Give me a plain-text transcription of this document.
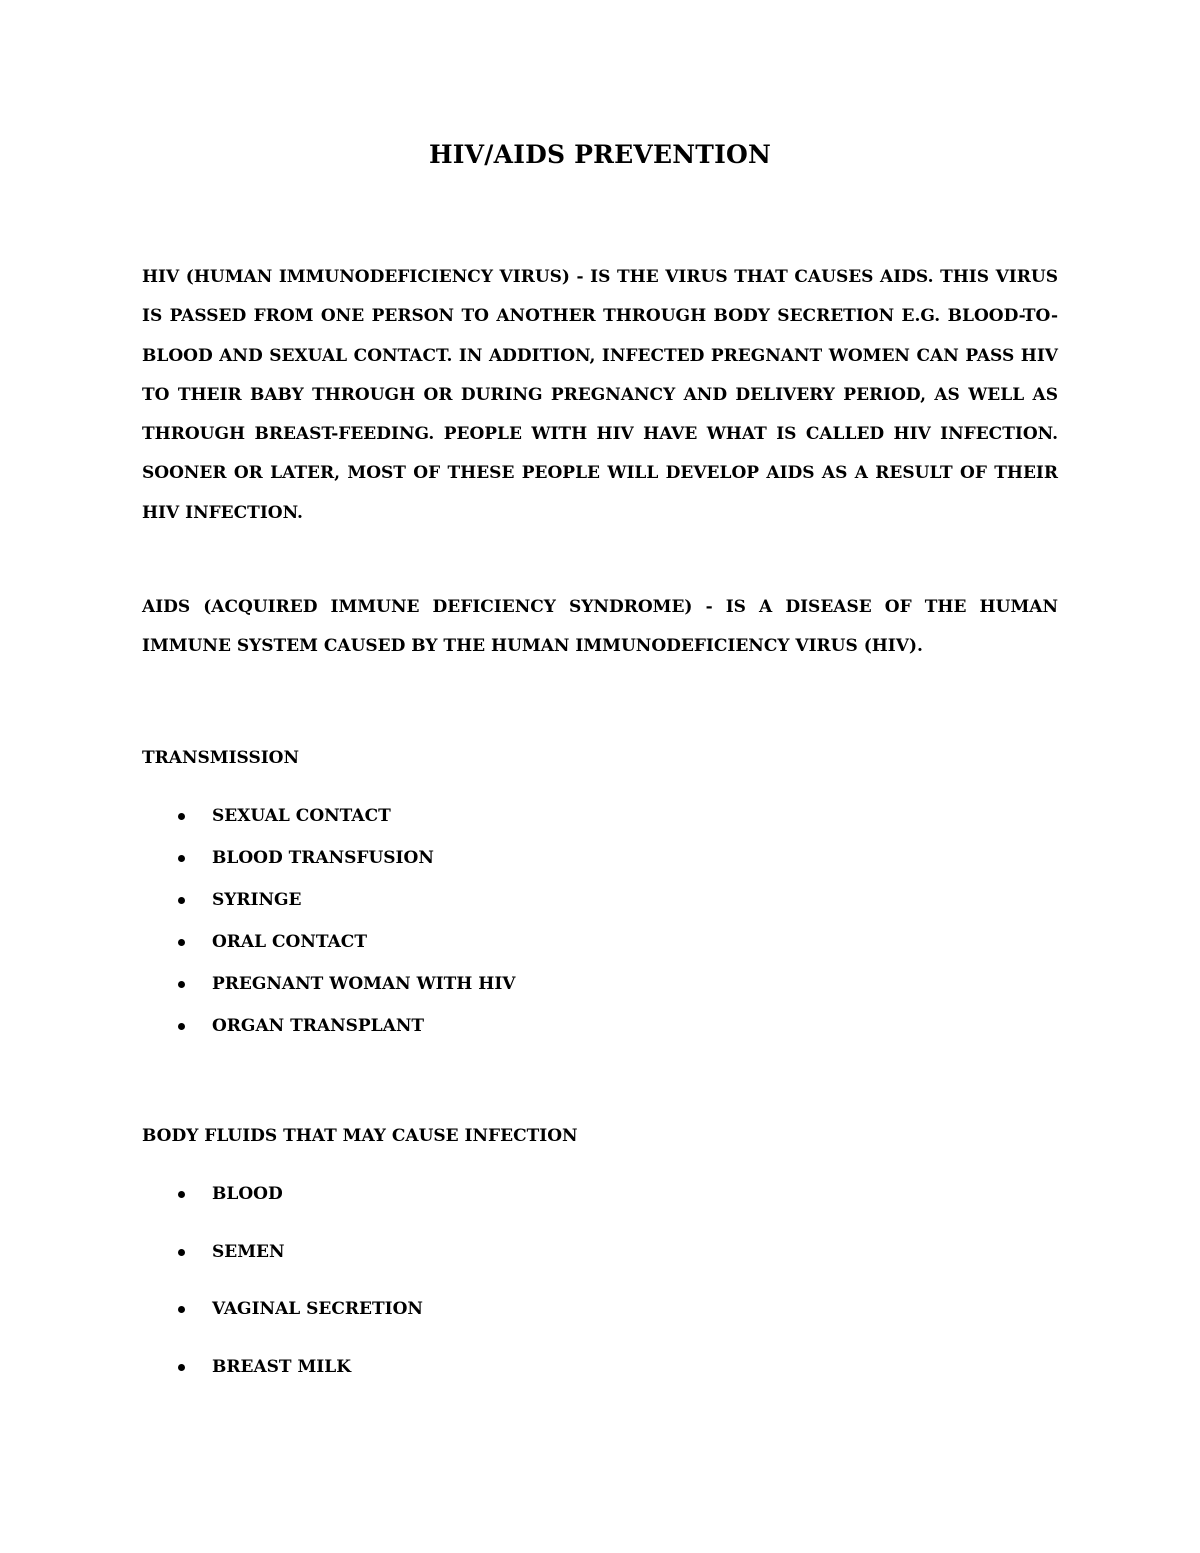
HIV/AIDS PREVENTION

HIV (HUMAN IMMUNODEFICIENCY VIRUS) - IS THE VIRUS THAT CAUSES AIDS. THIS VIRUS IS PASSED FROM ONE PERSON TO ANOTHER THROUGH BODY SECRETION E.G. BLOOD-TO-BLOOD AND SEXUAL CONTACT. IN ADDITION, INFECTED PREGNANT WOMEN CAN PASS HIV TO THEIR BABY THROUGH OR DURING PREGNANCY AND DELIVERY PERIOD, AS WELL AS THROUGH BREAST-FEEDING. PEOPLE WITH HIV HAVE WHAT IS CALLED HIV INFECTION. SOONER OR LATER, MOST OF THESE PEOPLE WILL DEVELOP AIDS AS A RESULT OF THEIR HIV INFECTION.

AIDS (ACQUIRED IMMUNE DEFICIENCY SYNDROME) - IS A DISEASE OF THE HUMAN IMMUNE SYSTEM CAUSED BY THE HUMAN IMMUNODEFICIENCY VIRUS (HIV).

TRANSMISSION
SEXUAL CONTACT
BLOOD TRANSFUSION
SYRINGE
ORAL CONTACT
PREGNANT WOMAN WITH HIV
ORGAN TRANSPLANT
BODY FLUIDS THAT MAY CAUSE INFECTION
BLOOD
SEMEN
VAGINAL SECRETION
BREAST MILK
